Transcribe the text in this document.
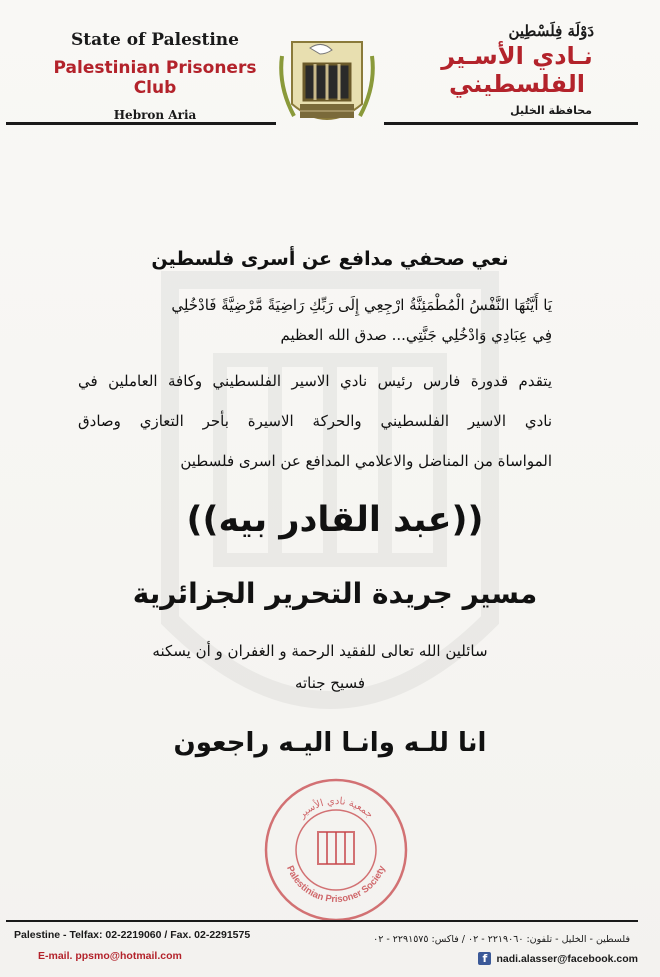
State of Palestine
Palestinian Prisoners Club
Hebron Aria
دَوْلَة فِلَسْطِين
نـادي الأسـير الفلسطيني
محافظة الخليل
نعي صحفي مدافع عن أسرى فلسطين
يَا أَيَّتُهَا النَّفْسُ الْمُطْمَئِنَّةُ ارْجِعِي إِلَى رَبِّكِ رَاضِيَةً مَّرْضِيَّةً فَادْخُلِي
فِي عِبَادِي وَادْخُلِي جَنَّتِي... صدق الله العظيم
يتقدم قدورة فارس رئيس نادي الاسير الفلسطيني وكافة العاملين في
نادي الاسير الفلسطيني والحركة الاسيرة بأحر التعازي وصادق
المواساة من المناضل والاعلامي المدافع عن اسرى فلسطين
((عبد القادر بيه))
مسير جريدة التحرير الجزائرية
سائلين الله تعالى للفقيد الرحمة و الغفران و أن يسكنه
فسيح جناته
انا للـه وانـا اليـه راجعون
جمعية نادي الأسير
Palestinian Prisoner Society
Palestine - Telfax: 02-2219060 / Fax. 02-2291575
E-mail. ppsmo@hotmail.com
فلسطين - الخليل - تلفون: ٢٢١٩٠٦٠ - ٠٢ / فاكس: ٢٢٩١٥٧٥ - ٠٢
f nadi.alasser@facebook.com
